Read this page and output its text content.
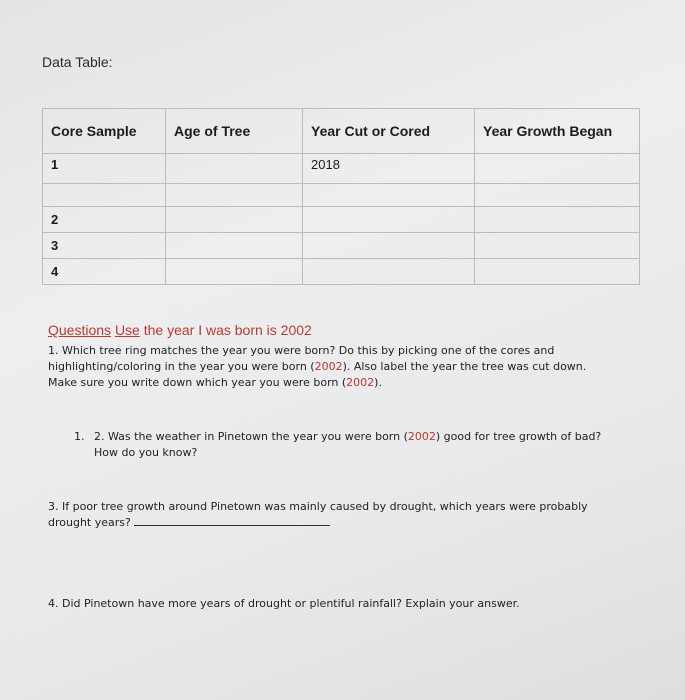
Data Table:
Core Sample	Age of Tree	Year Cut or Cored	Year Growth Began
1		2018	

2			
3			
4			
Questions Use the year I was born is 2002
1. Which tree ring matches the year you were born? Do this by picking one of the cores and highlighting/coloring in the year you were born (2002). Also label the year the tree was cut down. Make sure you write down which year you were born (2002).
1. 2. Was the weather in Pinetown the year you were born (2002) good for tree growth of bad?
How do you know?
3. If poor tree growth around Pinetown was mainly caused by drought, which years were probably
drought years?
4. Did Pinetown have more years of drought or plentiful rainfall? Explain your answer.
